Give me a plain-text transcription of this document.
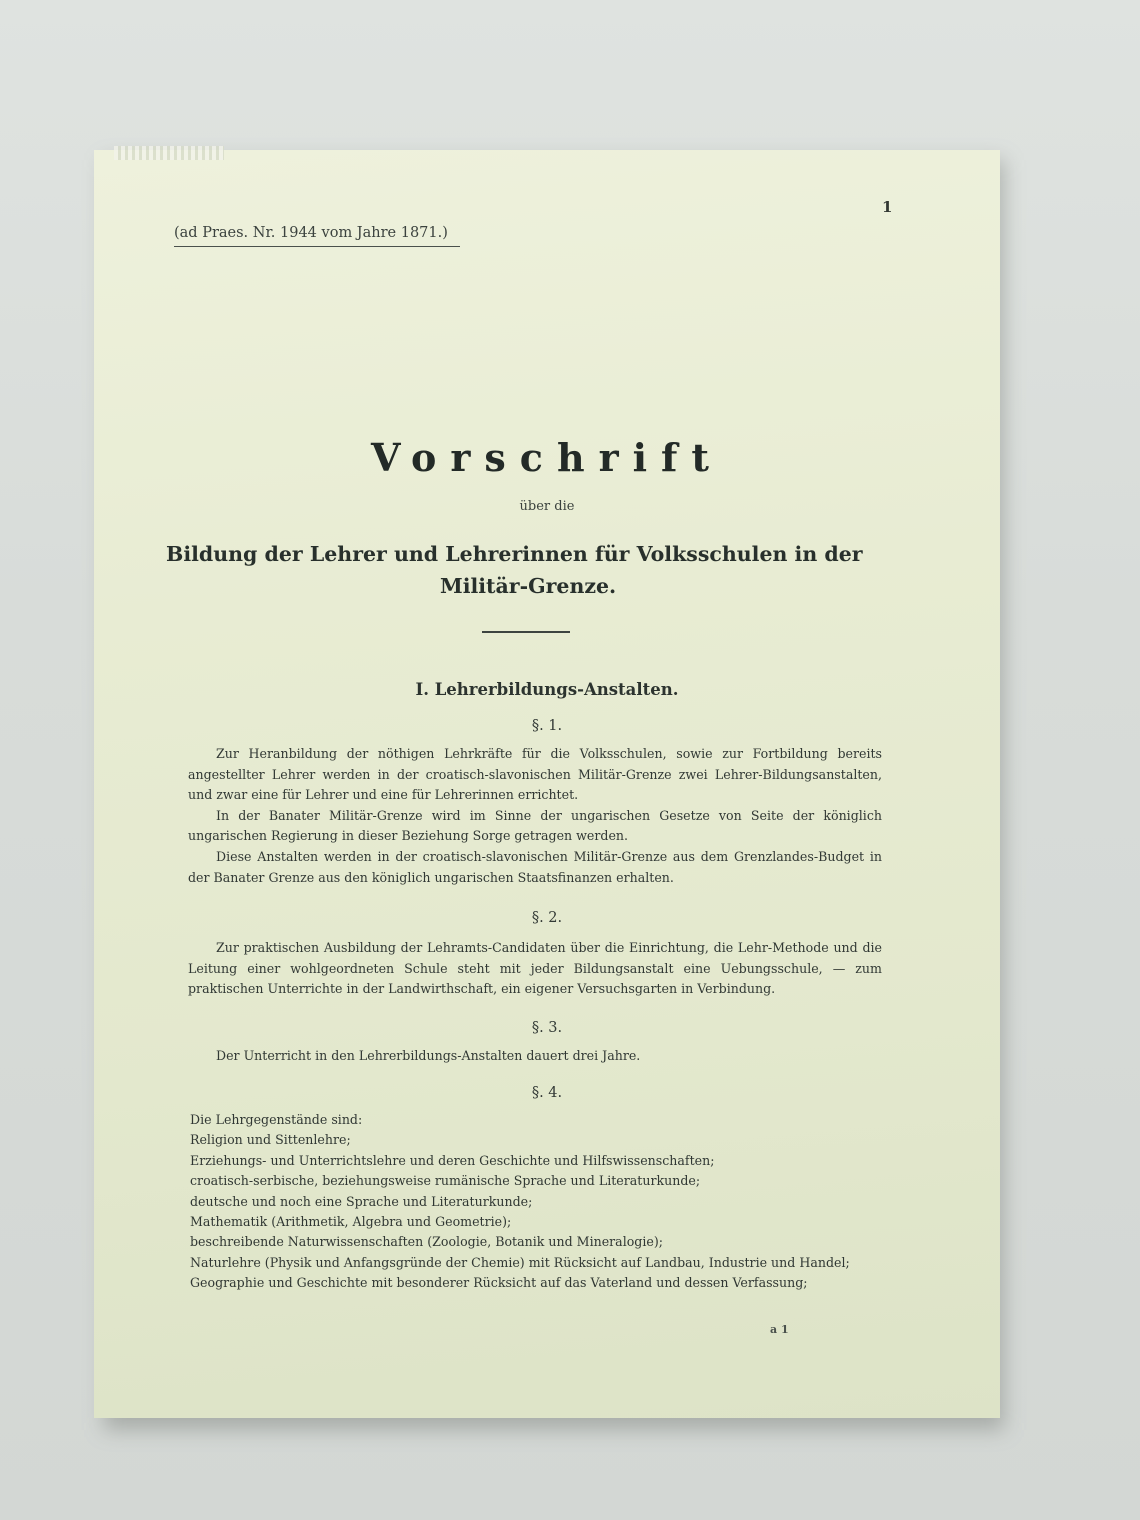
(ad Praes. Nr. 1944 vom Jahre 1871.)
1
Vorschrift
über die
Bildung der Lehrer und Lehrerinnen für Volksschulen in der
Militär-Grenze.
I. Lehrerbildungs-Anstalten.
§. 1.

Zur Heranbildung der nöthigen Lehrkräfte für die Volksschulen, sowie zur Fortbildung bereits angestellter Lehrer werden in der croatisch-slavonischen Militär-Grenze zwei Lehrer-Bildungsanstalten, und zwar eine für Lehrer und eine für Lehrerinnen errichtet.

In der Banater Militär-Grenze wird im Sinne der ungarischen Gesetze von Seite der königlich ungarischen Regierung in dieser Beziehung Sorge getragen werden.

Diese Anstalten werden in der croatisch-slavonischen Militär-Grenze aus dem Grenzlandes-Budget in der Banater Grenze aus den königlich ungarischen Staatsfinanzen erhalten.

§. 2.

Zur praktischen Ausbildung der Lehramts-Candidaten über die Einrichtung, die Lehr-Methode und die Leitung einer wohlgeordneten Schule steht mit jeder Bildungsanstalt eine Uebungsschule, — zum praktischen Unterrichte in der Landwirthschaft, ein eigener Versuchsgarten in Verbindung.

§. 3.

Der Unterricht in den Lehrerbildungs-Anstalten dauert drei Jahre.

§. 4.
Die Lehrgegenstände sind:
Religion und Sittenlehre;
Erziehungs- und Unterrichtslehre und deren Geschichte und Hilfswissenschaften;
croatisch-serbische, beziehungsweise rumänische Sprache und Literaturkunde;
deutsche und noch eine Sprache und Literaturkunde;
Mathematik (Arithmetik, Algebra und Geometrie);
beschreibende Naturwissenschaften (Zoologie, Botanik und Mineralogie);
Naturlehre (Physik und Anfangsgründe der Chemie) mit Rücksicht auf Landbau, Industrie und Handel;
Geographie und Geschichte mit besonderer Rücksicht auf das Vaterland und dessen Verfassung;
a 1
